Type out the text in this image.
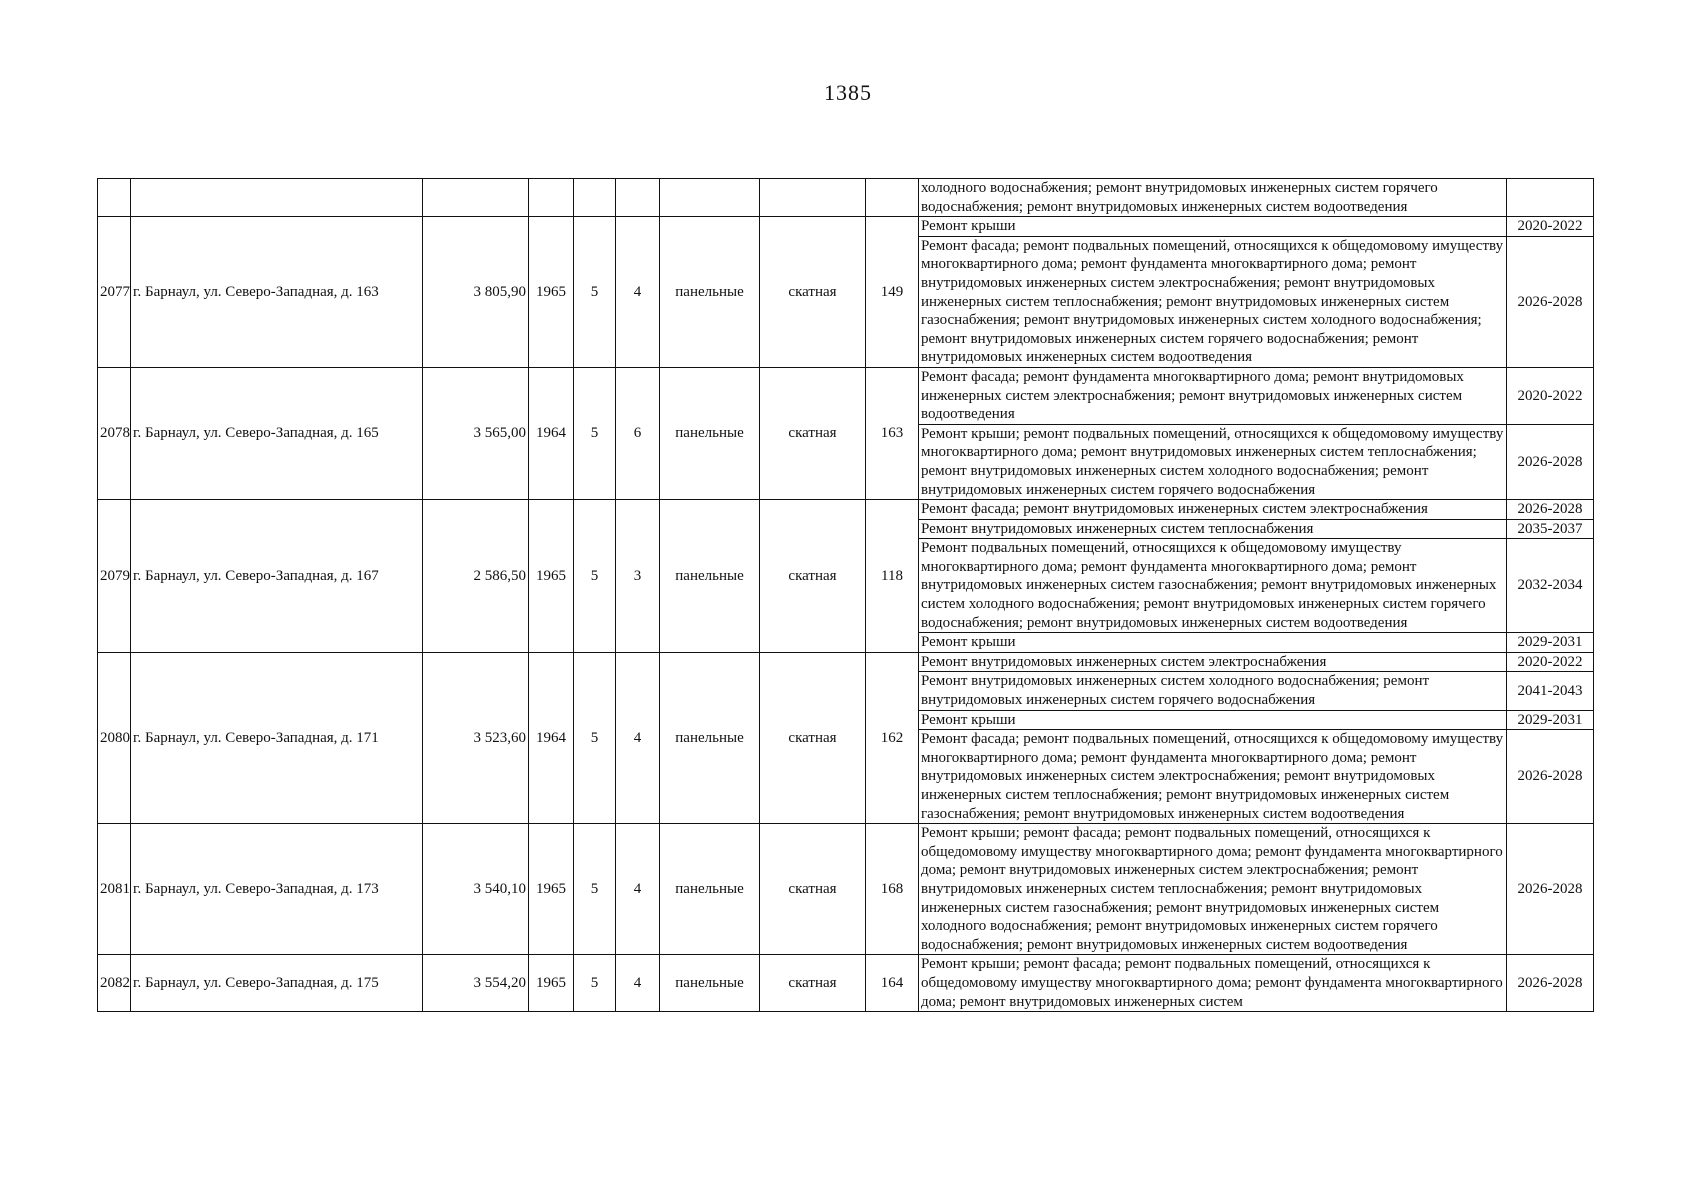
1385
									холодного водоснабжения; ремонт внутридомовых инженерных систем горячего водоснабжения; ремонт внутридомовых инженерных систем водоотведения	
2077	г. Барнаул, ул. Северо-Западная, д. 163	3 805,90	1965	5	4	панельные	скатная	149	Ремонт крыши	2020-2022
									Ремонт фасада; ремонт подвальных помещений, относящихся к общедомовому имуществу многоквартирного дома; ремонт фундамента многоквартирного дома; ремонт внутридомовых инженерных систем электроснабжения; ремонт внутридомовых инженерных систем теплоснабжения; ремонт внутридомовых инженерных систем газоснабжения; ремонт внутридомовых инженерных систем холодного водоснабжения; ремонт внутридомовых инженерных систем горячего водоснабжения; ремонт внутридомовых инженерных систем водоотведения	2026-2028
2078	г. Барнаул, ул. Северо-Западная, д. 165	3 565,00	1964	5	6	панельные	скатная	163	Ремонт фасада; ремонт фундамента многоквартирного дома; ремонт внутридомовых инженерных систем электроснабжения; ремонт внутридомовых инженерных систем водоотведения	2020-2022
									Ремонт крыши; ремонт подвальных помещений, относящихся к общедомовому имуществу многоквартирного дома; ремонт внутридомовых инженерных систем теплоснабжения; ремонт внутридомовых инженерных систем холодного водоснабжения; ремонт внутридомовых инженерных систем горячего водоснабжения	2026-2028
2079	г. Барнаул, ул. Северо-Западная, д. 167	2 586,50	1965	5	3	панельные	скатная	118	Ремонт фасада; ремонт внутридомовых инженерных систем электроснабжения	2026-2028
									Ремонт внутридомовых инженерных систем теплоснабжения	2035-2037
									Ремонт подвальных помещений, относящихся к общедомовому имуществу многоквартирного дома; ремонт фундамента многоквартирного дома; ремонт внутридомовых инженерных систем газоснабжения; ремонт внутридомовых инженерных систем холодного водоснабжения; ремонт внутридомовых инженерных систем горячего водоснабжения; ремонт внутридомовых инженерных систем водоотведения	2032-2034
									Ремонт крыши	2029-2031
2080	г. Барнаул, ул. Северо-Западная, д. 171	3 523,60	1964	5	4	панельные	скатная	162	Ремонт внутридомовых инженерных систем электроснабжения	2020-2022
									Ремонт внутридомовых инженерных систем холодного водоснабжения; ремонт внутридомовых инженерных систем горячего водоснабжения	2041-2043
									Ремонт крыши	2029-2031
									Ремонт фасада; ремонт подвальных помещений, относящихся к общедомовому имуществу многоквартирного дома; ремонт фундамента многоквартирного дома; ремонт внутридомовых инженерных систем электроснабжения; ремонт внутридомовых инженерных систем теплоснабжения; ремонт внутридомовых инженерных систем газоснабжения; ремонт внутридомовых инженерных систем водоотведения	2026-2028
2081	г. Барнаул, ул. Северо-Западная, д. 173	3 540,10	1965	5	4	панельные	скатная	168	Ремонт крыши; ремонт фасада; ремонт подвальных помещений, относящихся к общедомовому имуществу многоквартирного дома; ремонт фундамента многоквартирного дома; ремонт внутридомовых инженерных систем электроснабжения; ремонт внутридомовых инженерных систем теплоснабжения; ремонт внутридомовых инженерных систем газоснабжения; ремонт внутридомовых инженерных систем холодного водоснабжения; ремонт внутридомовых инженерных систем горячего водоснабжения; ремонт внутридомовых инженерных систем водоотведения	2026-2028
2082	г. Барнаул, ул. Северо-Западная, д. 175	3 554,20	1965	5	4	панельные	скатная	164	Ремонт крыши; ремонт фасада; ремонт подвальных помещений, относящихся к общедомовому имуществу многоквартирного дома; ремонт фундамента многоквартирного дома; ремонт внутридомовых инженерных систем	2026-2028
